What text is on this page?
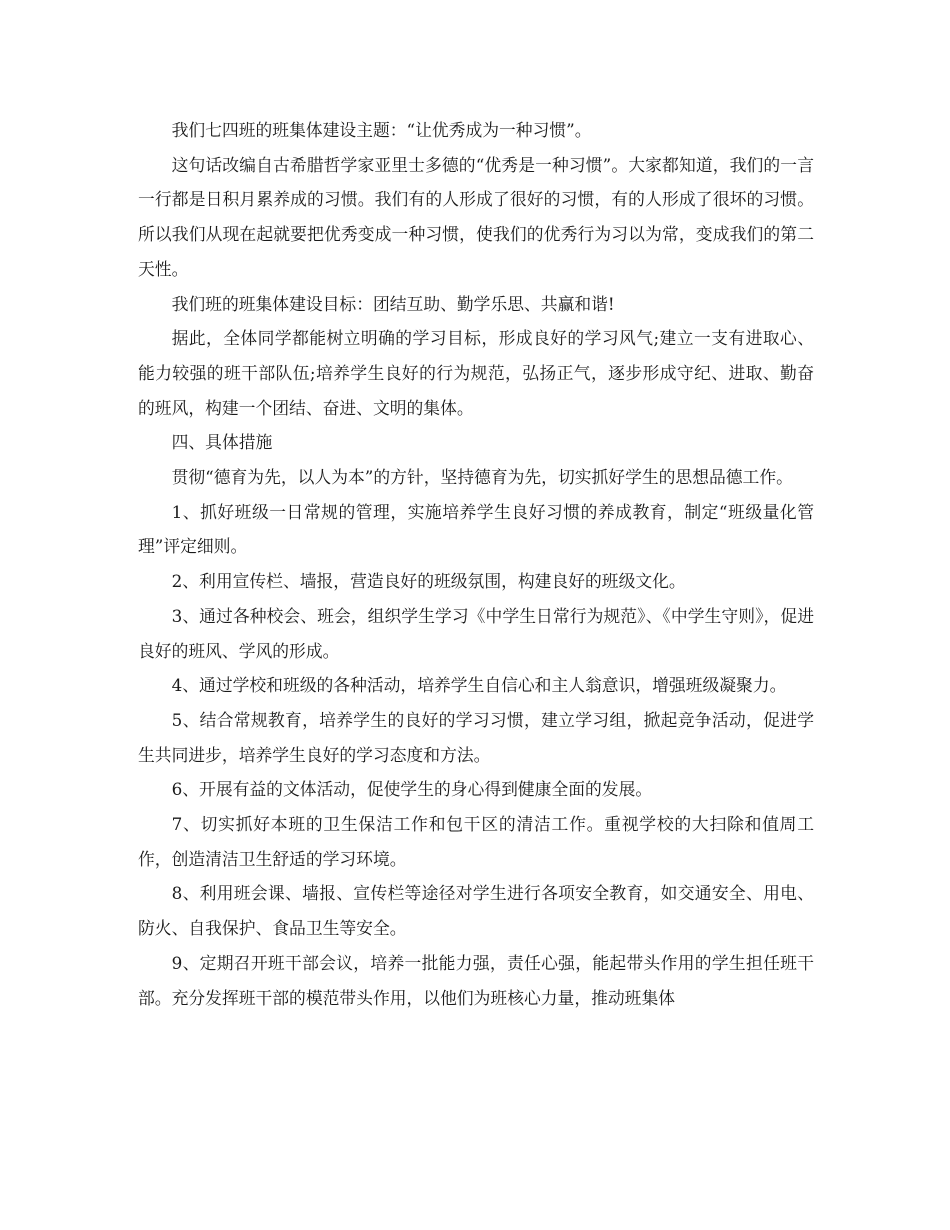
我们七四班的班集体建设主题：“让优秀成为一种习惯”。

这句话改编自古希腊哲学家亚里士多德的“优秀是一种习惯”。大家都知道，我们的一言一行都是日积月累养成的习惯。我们有的人形成了很好的习惯，有的人形成了很坏的习惯。所以我们从现在起就要把优秀变成一种习惯，使我们的优秀行为习以为常，变成我们的第二天性。

我们班的班集体建设目标：团结互助、勤学乐思、共赢和谐!

据此，全体同学都能树立明确的学习目标，形成良好的学习风气;建立一支有进取心、能力较强的班干部队伍;培养学生良好的行为规范，弘扬正气，逐步形成守纪、进取、勤奋的班风，构建一个团结、奋进、文明的集体。

四、具体措施

贯彻“德育为先，以人为本”的方针，坚持德育为先，切实抓好学生的思想品德工作。

1、抓好班级一日常规的管理，实施培养学生良好习惯的养成教育，制定“班级量化管理”评定细则。

2、利用宣传栏、墙报，营造良好的班级氛围，构建良好的班级文化。

3、通过各种校会、班会，组织学生学习《中学生日常行为规范》、《中学生守则》，促进良好的班风、学风的形成。

4、通过学校和班级的各种活动，培养学生自信心和主人翁意识，增强班级凝聚力。

5、结合常规教育，培养学生的良好的学习习惯，建立学习组，掀起竞争活动，促进学生共同进步，培养学生良好的学习态度和方法。

6、开展有益的文体活动，促使学生的身心得到健康全面的发展。

7、切实抓好本班的卫生保洁工作和包干区的清洁工作。重视学校的大扫除和值周工作，创造清洁卫生舒适的学习环境。

8、利用班会课、墙报、宣传栏等途径对学生进行各项安全教育，如交通安全、用电、防火、自我保护、食品卫生等安全。

9、定期召开班干部会议，培养一批能力强，责任心强，能起带头作用的学生担任班干部。充分发挥班干部的模范带头作用，以他们为班核心力量，推动班集体
